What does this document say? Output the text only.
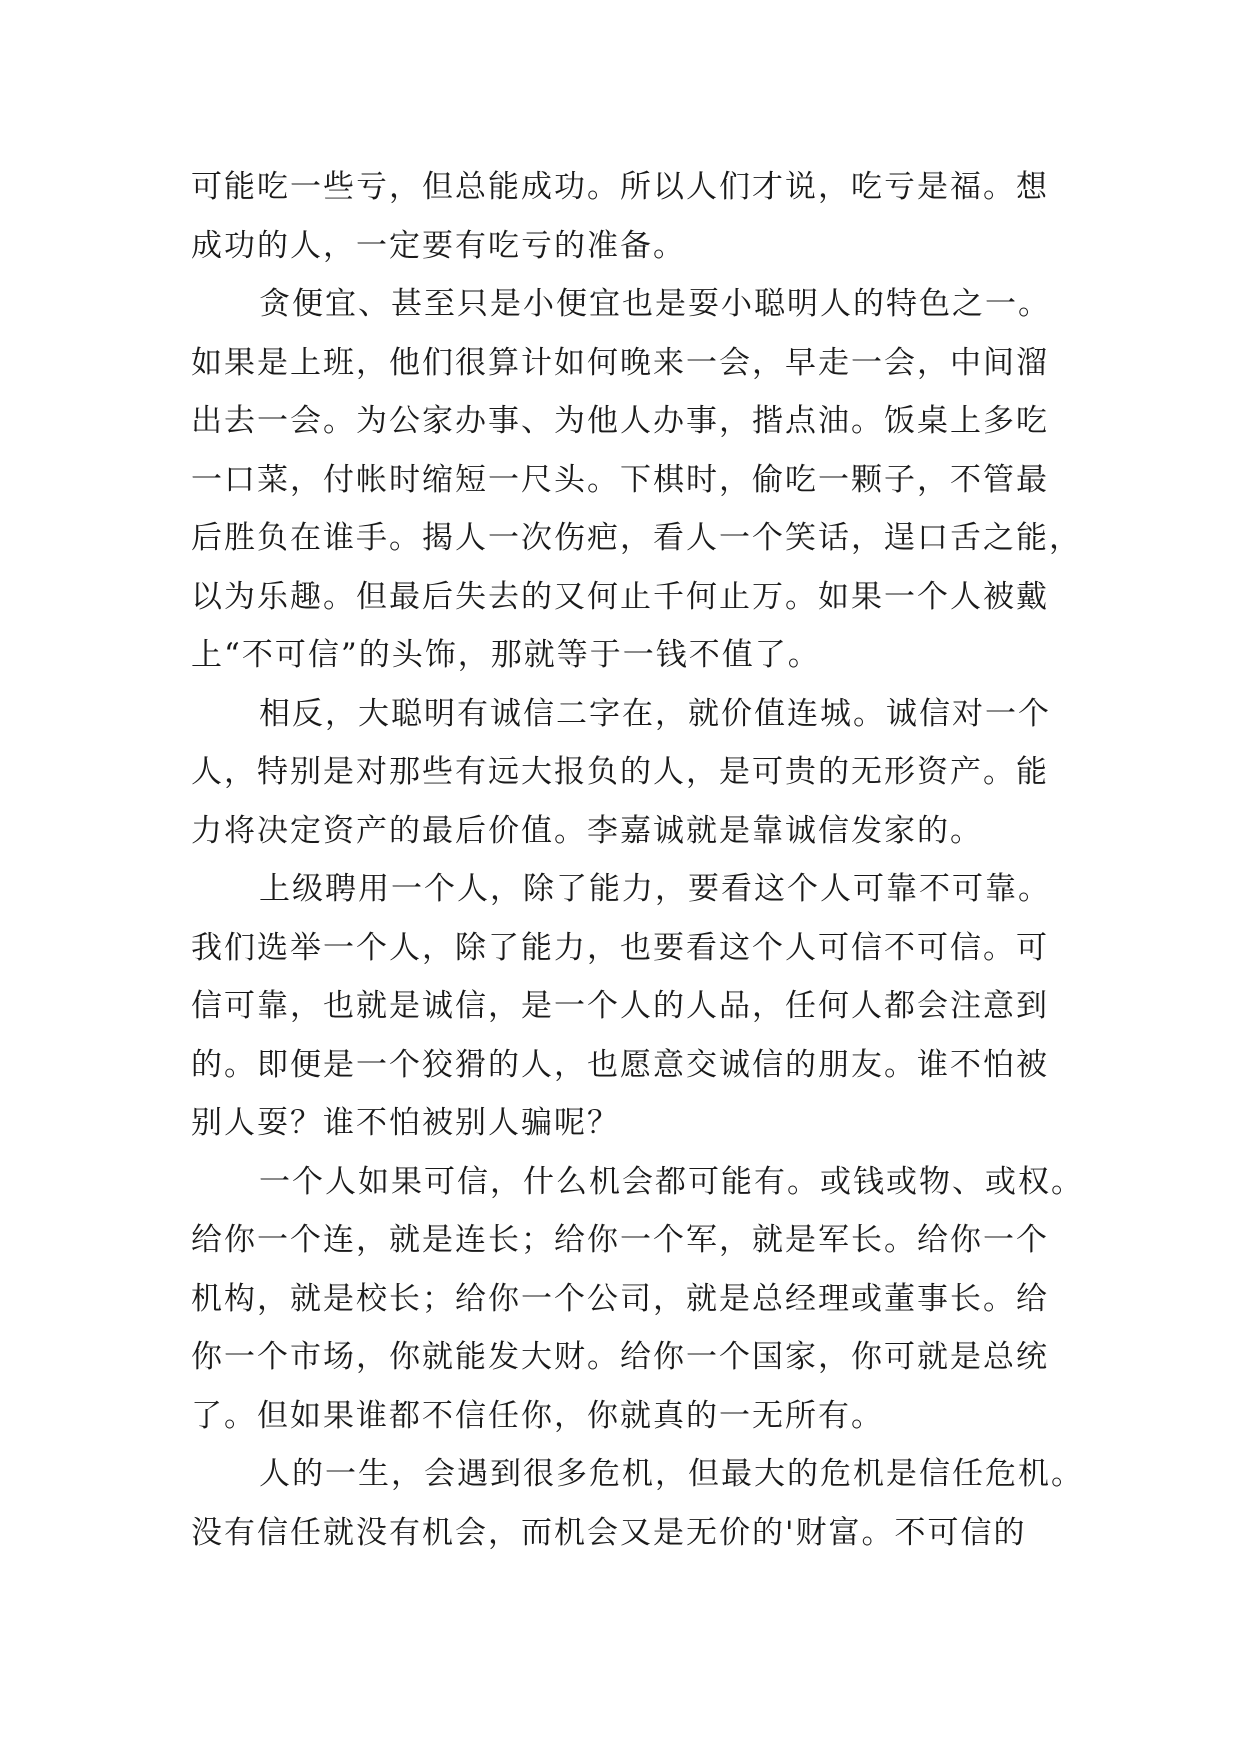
可能吃一些亏，但总能成功。所以人们才说，吃亏是福。想
成功的人，一定要有吃亏的准备。
贪便宜、甚至只是小便宜也是耍小聪明人的特色之一。
如果是上班，他们很算计如何晚来一会，早走一会，中间溜
出去一会。为公家办事、为他人办事，揩点油。饭桌上多吃
一口菜，付帐时缩短一尺头。下棋时，偷吃一颗子，不管最
后胜负在谁手。揭人一次伤疤，看人一个笑话，逞口舌之能，
以为乐趣。但最后失去的又何止千何止万。如果一个人被戴
上“不可信”的头饰，那就等于一钱不值了。
相反，大聪明有诚信二字在，就价值连城。诚信对一个
人，特别是对那些有远大报负的人，是可贵的无形资产。能
力将决定资产的最后价值。李嘉诚就是靠诚信发家的。
上级聘用一个人，除了能力，要看这个人可靠不可靠。
我们选举一个人，除了能力，也要看这个人可信不可信。可
信可靠，也就是诚信，是一个人的人品，任何人都会注意到
的。即便是一个狡猾的人，也愿意交诚信的朋友。谁不怕被
别人耍？谁不怕被别人骗呢？
一个人如果可信，什么机会都可能有。或钱或物、或权。
给你一个连，就是连长；给你一个军，就是军长。给你一个
机构，就是校长；给你一个公司，就是总经理或董事长。给
你一个市场，你就能发大财。给你一个国家，你可就是总统
了。但如果谁都不信任你，你就真的一无所有。
人的一生，会遇到很多危机，但最大的危机是信任危机。
没有信任就没有机会，而机会又是无价的'财富。不可信的
